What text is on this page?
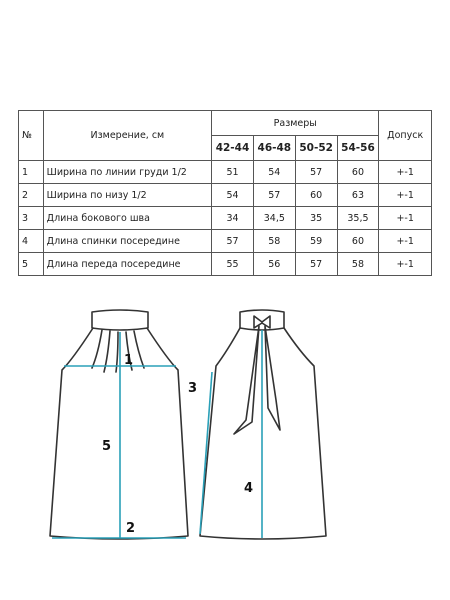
№	Измерение, см	Размеры				Допуск
		42-44	46-48	50-52	54-56	
1	Ширина по линии груди 1/2	51	54	57	60	+-1
2	Ширина по низу 1/2	54	57	60	63	+-1
3	Длина бокового шва	34	34,5	35	35,5	+-1
4	Длина спинки посередине	57	58	59	60	+-1
5	Длина переда посередине	55	56	57	58	+-1
1
5
2
3
4
